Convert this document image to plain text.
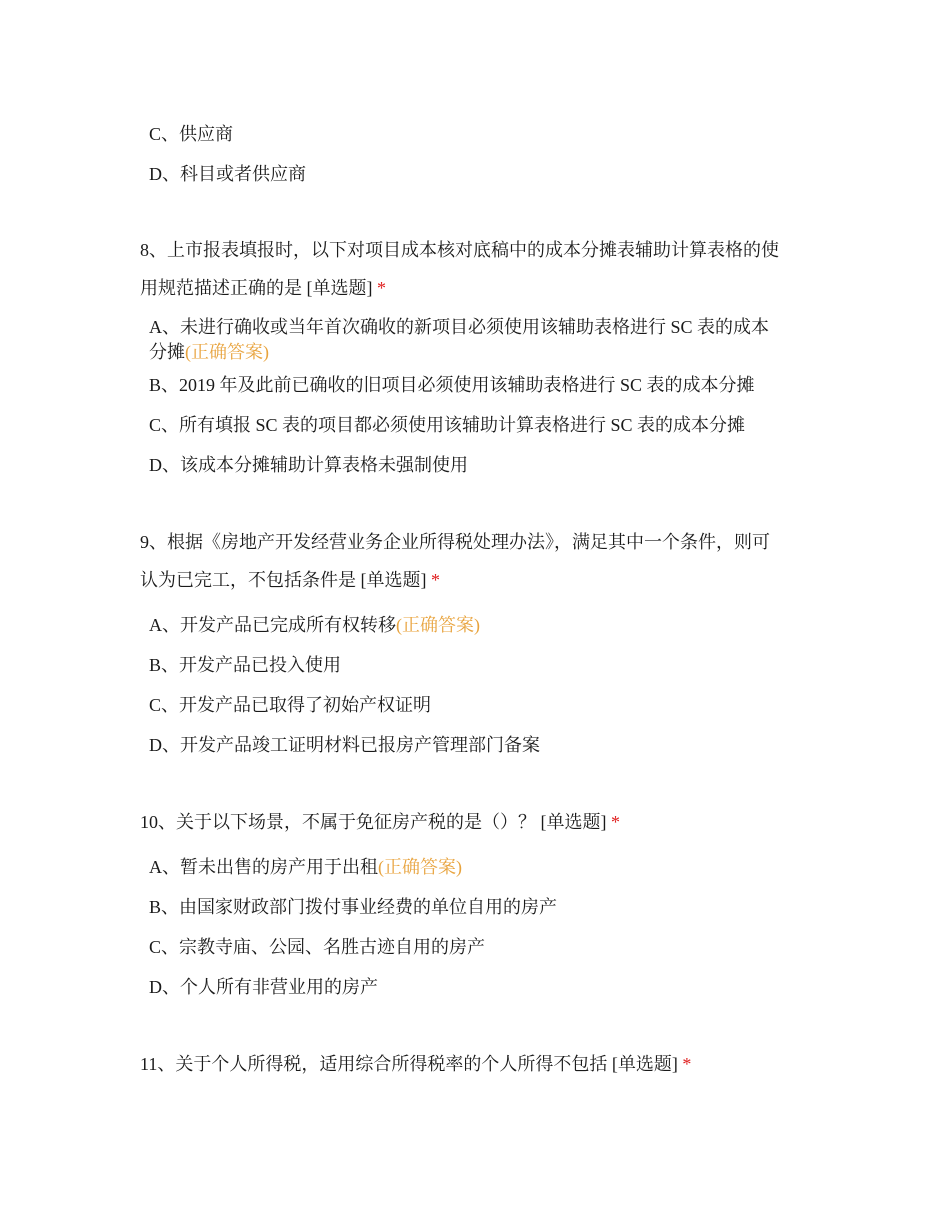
C、供应商
D、科目或者供应商
8、上市报表填报时，以下对项目成本核对底稿中的成本分摊表辅助计算表格的使
用规范描述正确的是 [单选题] *
A、未进行确收或当年首次确收的新项目必须使用该辅助表格进行 SC 表的成本
分摊(正确答案)
B、2019 年及此前已确收的旧项目必须使用该辅助表格进行 SC 表的成本分摊
C、所有填报 SC 表的项目都必须使用该辅助计算表格进行 SC 表的成本分摊
D、该成本分摊辅助计算表格未强制使用
9、根据《房地产开发经营业务企业所得税处理办法》，满足其中一个条件，则可
认为已完工，不包括条件是 [单选题] *
A、开发产品已完成所有权转移(正确答案)
B、开发产品已投入使用
C、开发产品已取得了初始产权证明
D、开发产品竣工证明材料已报房产管理部门备案
10、关于以下场景，不属于免征房产税的是（）？ [单选题] *
A、暂未出售的房产用于出租(正确答案)
B、由国家财政部门拨付事业经费的单位自用的房产
C、宗教寺庙、公园、名胜古迹自用的房产
D、个人所有非营业用的房产
11、关于个人所得税，适用综合所得税率的个人所得不包括 [单选题] *
